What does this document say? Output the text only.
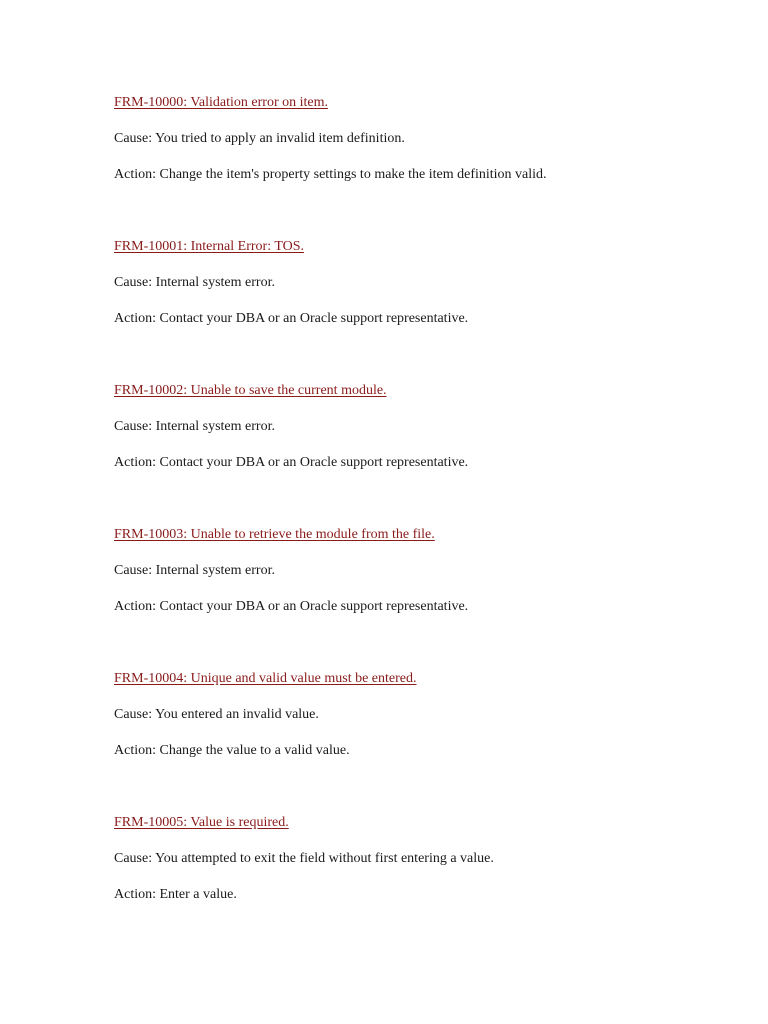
FRM-10000: Validation error on item.
Cause: You tried to apply an invalid item definition.
Action: Change the item's property settings to make the item definition valid.
FRM-10001: Internal Error: TOS.
Cause: Internal system error.
Action: Contact your DBA or an Oracle support representative.
FRM-10002: Unable to save the current module.
Cause: Internal system error.
Action: Contact your DBA or an Oracle support representative.
FRM-10003: Unable to retrieve the module from the file.
Cause: Internal system error.
Action: Contact your DBA or an Oracle support representative.
FRM-10004: Unique and valid value must be entered.
Cause: You entered an invalid value.
Action: Change the value to a valid value.
FRM-10005: Value is required.
Cause: You attempted to exit the field without first entering a value.
Action: Enter a value.
